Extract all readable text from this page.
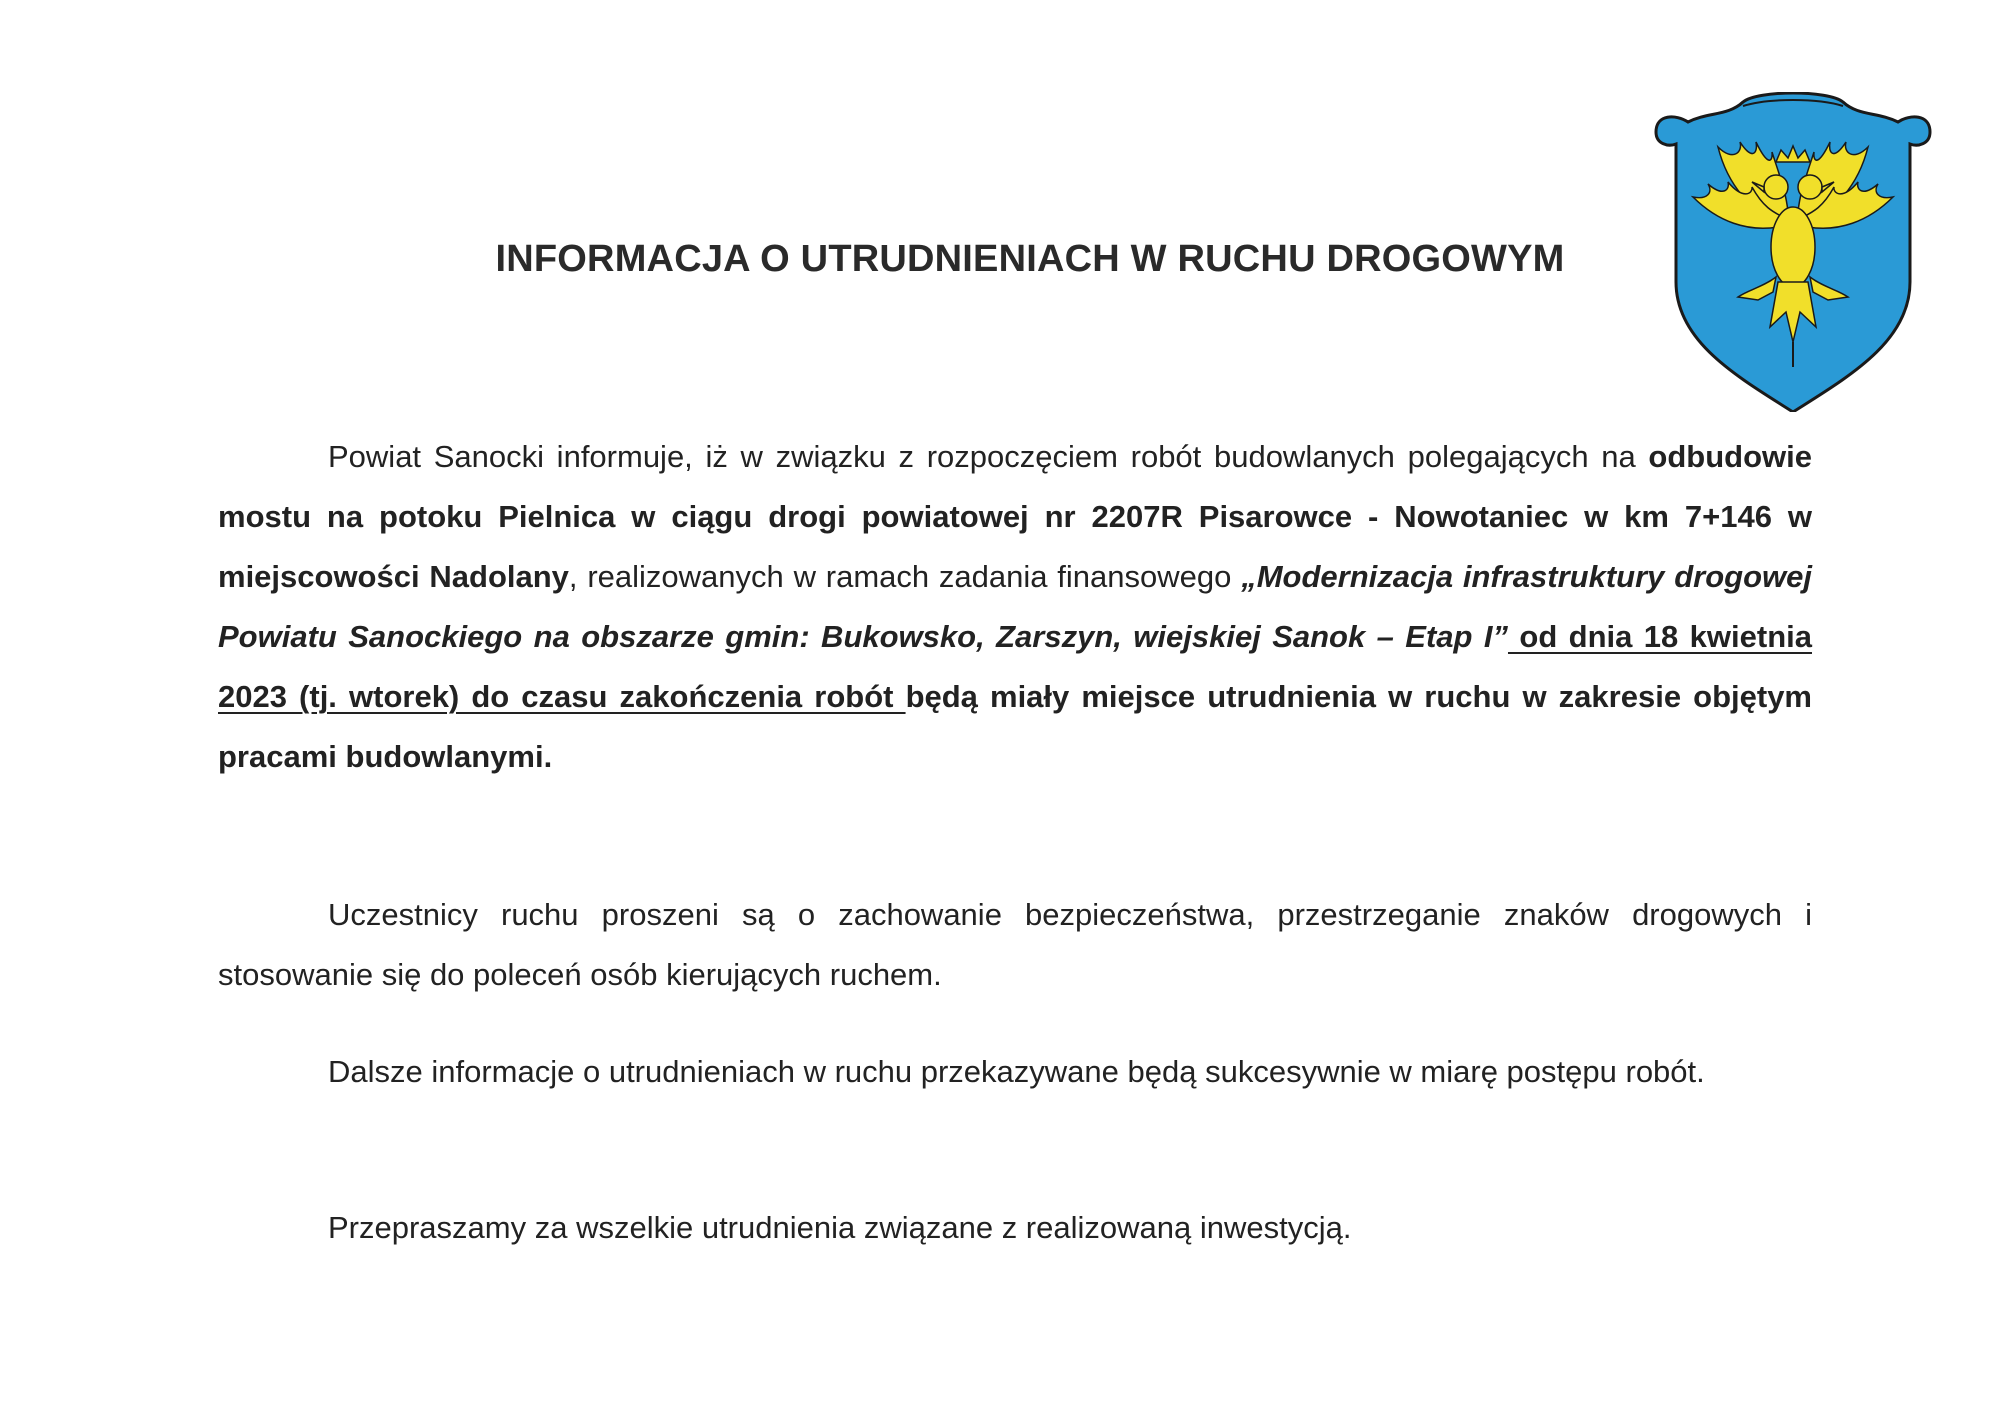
INFORMACJA O UTRUDNIENIACH W RUCHU DROGOWYM
Powiat Sanocki informuje, iż w związku z rozpoczęciem robót budowlanych polegających na odbudowie mostu na potoku Pielnica w ciągu drogi powiatowej nr 2207R Pisarowce - Nowotaniec w km 7+146 w miejscowości Nadolany, realizowanych w ramach zadania finansowego „Modernizacja infrastruktury drogowej Powiatu Sanockiego na obszarze gmin: Bukowsko, Zarszyn, wiejskiej Sanok – Etap I” od dnia 18 kwietnia 2023 (tj. wtorek) do czasu zakończenia robót będą miały miejsce utrudnienia w ruchu w zakresie objętym pracami budowlanymi.
Uczestnicy ruchu proszeni są o zachowanie bezpieczeństwa, przestrzeganie znaków drogowych i stosowanie się do poleceń osób kierujących ruchem.
Dalsze informacje o utrudnieniach w ruchu przekazywane będą sukcesywnie w miarę postępu robót.
Przepraszamy za wszelkie utrudnienia związane z realizowaną inwestycją.
